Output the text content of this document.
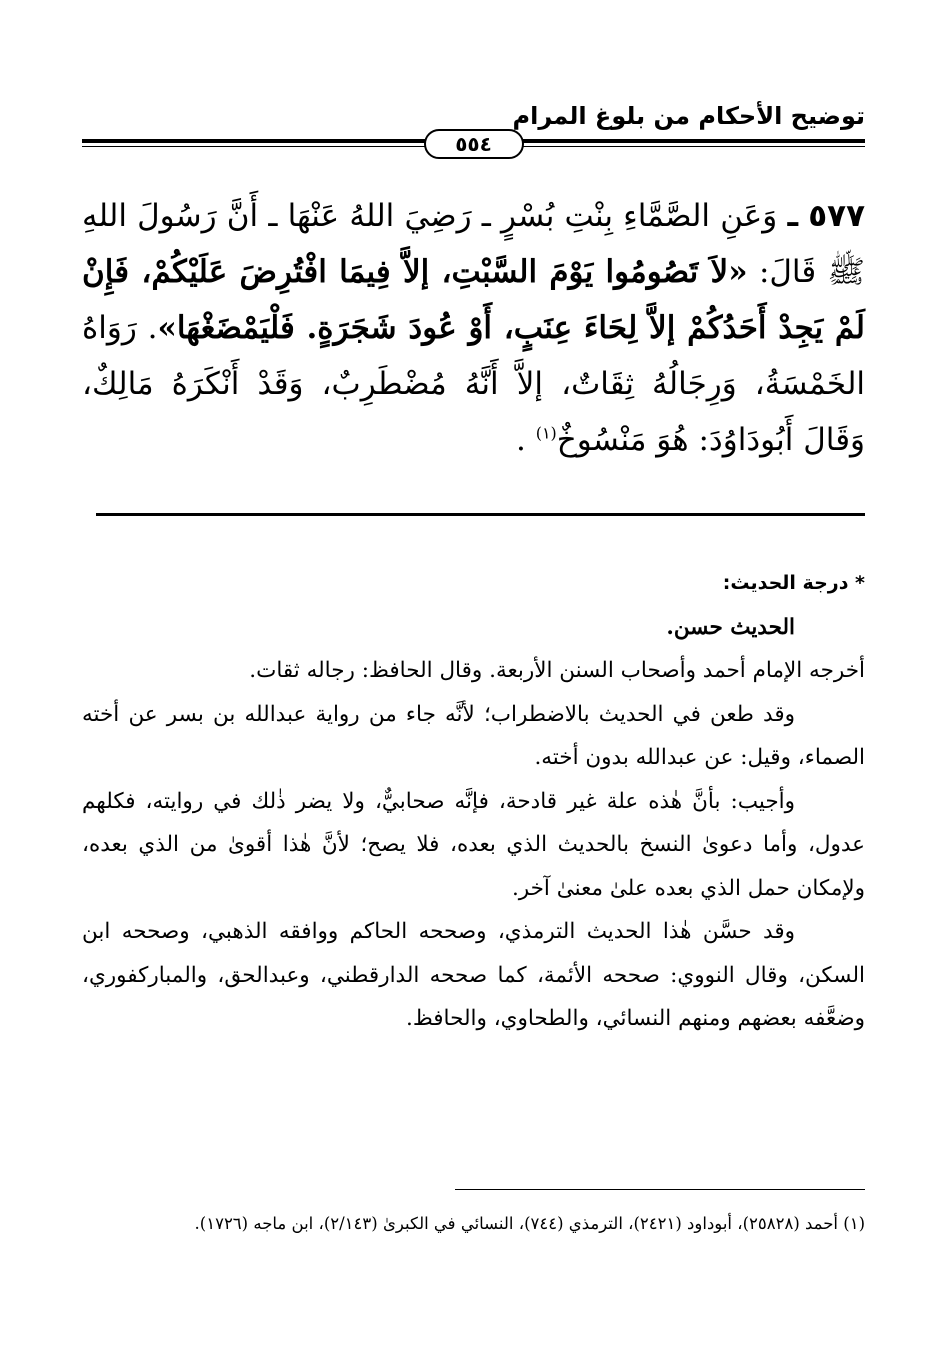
توضيح الأحكام من بلوغ المرام
٥٥٤
٥٧٧ ـ وَعَنِ الصَّمَّاءِ بِنْتِ بُسْرٍ ـ رَضِيَ اللهُ عَنْهَا ـ أَنَّ رَسُولَ اللهِ ﷺ قَالَ: «لاَ تَصُومُوا يَوْمَ السَّبْتِ، إلاَّ فِيمَا افْتُرِضَ عَلَيْكُمْ، فَإِنْ لَمْ يَجِدْ أَحَدُكُمْ إلاَّ لِحَاءَ عِنَبٍ، أَوْ عُودَ شَجَرَةٍ. فَلْيَمْضَغْهَا». رَوَاهُ الخَمْسَةُ، وَرِجَالُهُ ثِقَاتٌ، إلاَّ أَنَّهُ مُضْطَرِبٌ، وَقَدْ أَنْكَرَهُ مَالِكٌ، وَقَالَ أَبُودَاوُدَ: هُوَ مَنْسُوخٌ$^{(١)}$ .

* درجة الحديث:

الحديث حسن.

أخرجه الإمام أحمد وأصحاب السنن الأربعة. وقال الحافظ: رجاله ثقات.

وقد طعن في الحديث بالاضطراب؛ لأنَّه جاء من رواية عبدالله بن بسر عن أخته الصماء، وقيل: عن عبدالله بدون أخته.

وأجيب: بأنَّ هٰذه علة غير قادحة، فإنَّه صحابيٌّ، ولا يضر ذٰلك في روايته، فكلهم عدول، وأما دعوىٰ النسخ بالحديث الذي بعده، فلا يصح؛ لأنَّ هٰذا أقوىٰ من الذي بعده، ولإمكان حمل الذي بعده علىٰ معنىٰ آخر.

وقد حسَّن هٰذا الحديث الترمذي، وصححه الحاكم ووافقه الذهبي، وصححه ابن السكن، وقال النووي: صححه الأئمة، كما صححه الدارقطني، وعبدالحق، والمباركفوري، وضعَّفه بعضهم ومنهم النسائي، والطحاوي، والحافظ.

(١) أحمد (٢٥٨٢٨)، أبوداود (٢٤٢١)، الترمذي (٧٤٤)، النسائي في الكبرىٰ (٢/١٤٣)، ابن ماجه (١٧٢٦).
